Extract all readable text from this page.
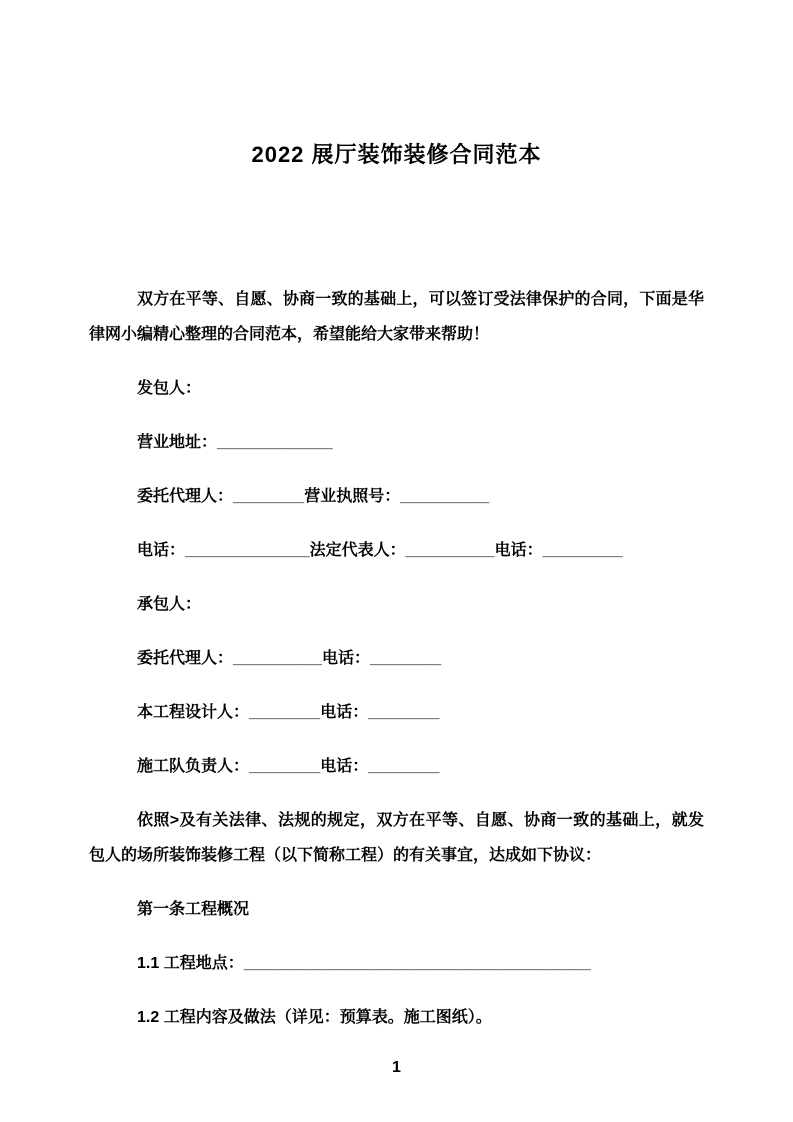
2022 展厅装饰装修合同范本

双方在平等、自愿、协商一致的基础上，可以签订受法律保护的合同，下面是华律网小编精心整理的合同范本，希望能给大家带来帮助！

发包人：

营业地址：_____________

委托代理人：________营业执照号：__________

电话：______________法定代表人：__________电话：_________

承包人：

委托代理人：__________电话：________

本工程设计人：________电话：________

施工队负责人：________电话：________

依照>及有关法律、法规的规定，双方在平等、自愿、协商一致的基础上，就发包人的场所装饰装修工程（以下简称工程）的有关事宜，达成如下协议：

第一条工程概况

1.1 工程地点：_______________________________________

1.2 工程内容及做法（详见：预算表。施工图纸）。

1
